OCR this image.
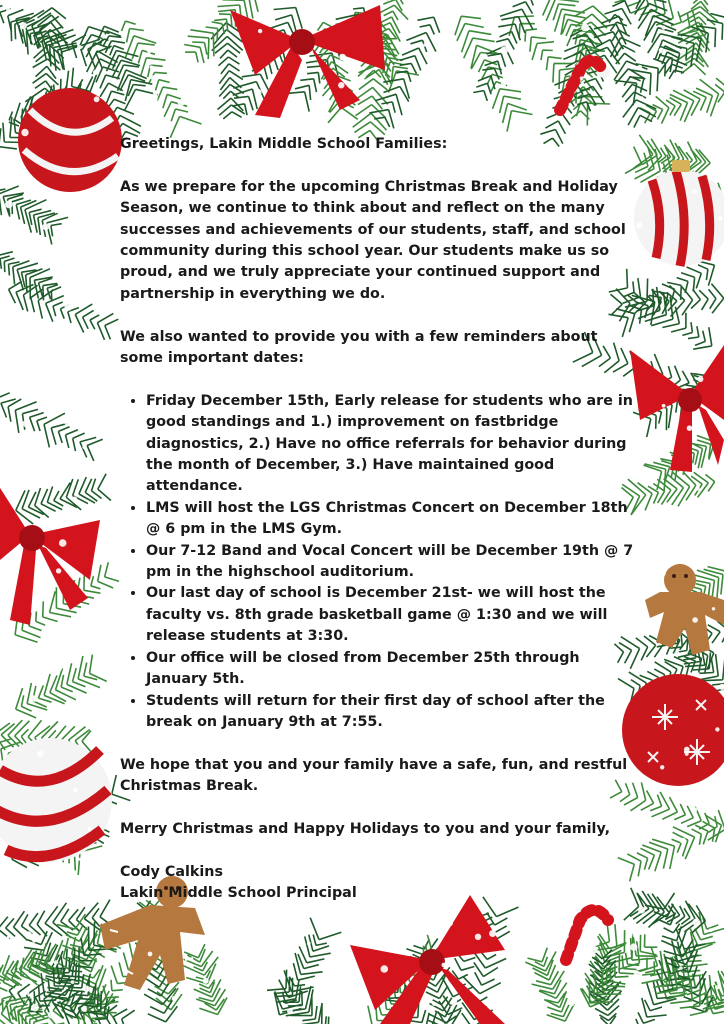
Greetings, Lakin Middle School Families:

As we prepare for the upcoming Christmas Break and Holiday Season, we continue to think about and reflect on the many successes and achievements of our students, staff, and school community during this school year. Our students make us so proud, and we truly appreciate your continued support and partnership in everything we do.

We also wanted to provide you with a few reminders about some important dates:

• Friday December 15th, Early release for students who are in good standings and 1.) improvement on fastbridge diagnostics, 2.) Have no office referrals for behavior during the month of December, 3.) Have maintained good attendance.
• LMS will host the LGS Christmas Concert on December 18th @ 6 pm in the LMS Gym.
• Our 7-12 Band and Vocal Concert will be December 19th @ 7 pm in the highschool auditorium.
• Our last day of school is December 21st- we will host the faculty vs. 8th grade basketball game @ 1:30 and we will release students at 3:30.
• Our office will be closed from December 25th through January 5th.
• Students will return for their first day of school after the break on January 9th at 7:55.

We hope that you and your family have a safe, fun, and restful Christmas Break.

Merry Christmas and Happy Holidays to you and your family,

Cody Calkins

Lakin Middle School Principal
